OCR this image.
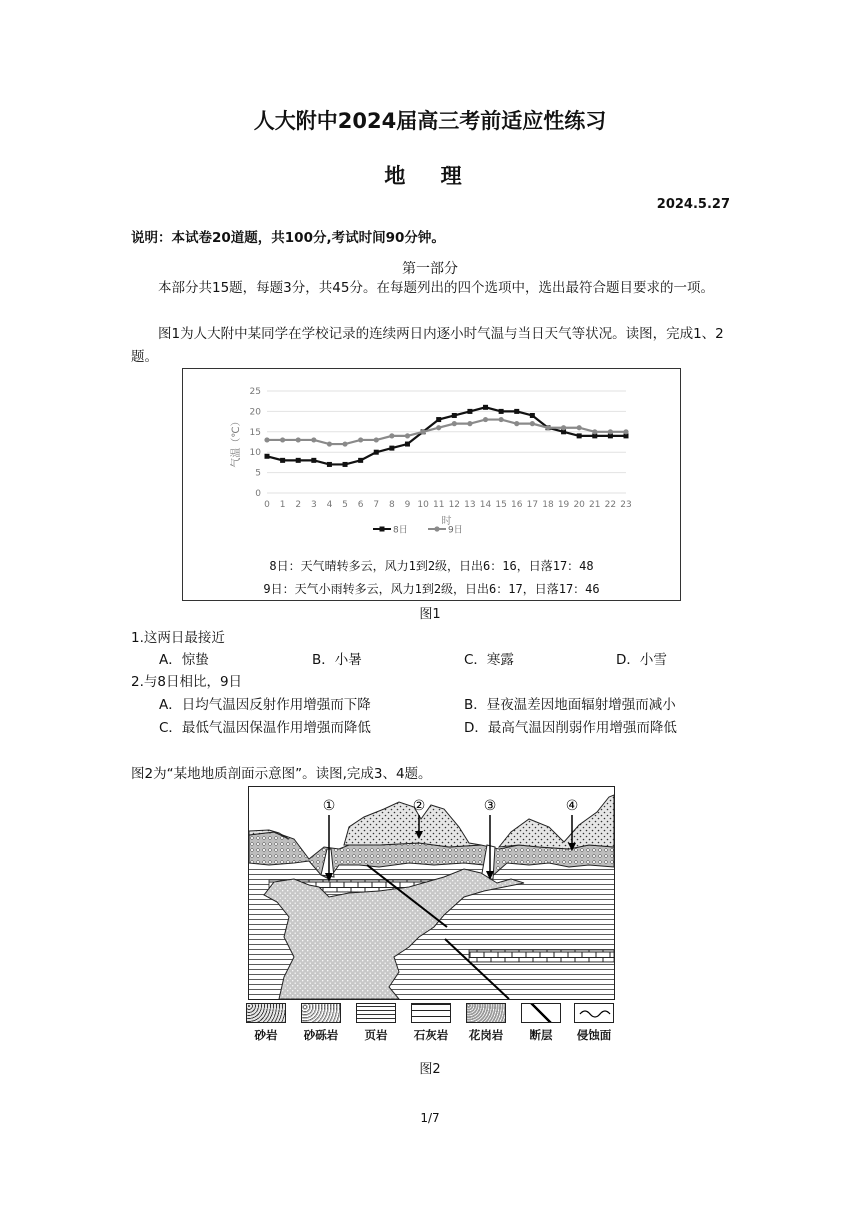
人大附中2024届高三考前适应性练习
地 理
2024.5.27
说明：本试卷20道题，共100分,考试时间90分钟。
第一部分
本部分共15题，每题3分，共45分。在每题列出的四个选项中，选出最符合题目要求的一项。
图1为人大附中某同学在学校记录的连续两日内逐小时气温与当日天气等状况。读图，完成1、2题。
0
5
10
15
20
25
0 1 2 3 4 5 6 7 8 9 10 11 12 13 14 15 16 17 18 19 20 21 22 23
时
气温（℃）
8日	9日
8日：天气晴转多云，风力1到2级，日出6：16，日落17：48
9日：天气小雨转多云，风力1到2级，日出6：17，日落17：46
图1
1.这两日最接近
A．惊蛰	B．小暑	C．寒露	D．小雪
2.与8日相比，9日
A．日均气温因反射作用增强而下降	B．昼夜温差因地面辐射增强而减小
C．最低气温因保温作用增强而降低	D．最高气温因削弱作用增强而降低
图2为“某地地质剖面示意图”。读图,完成3、4题。
①	②	③	④
砂岩	砂砾岩	页岩	石灰岩 花岗岩	断层	侵蚀面
图2
1/7
